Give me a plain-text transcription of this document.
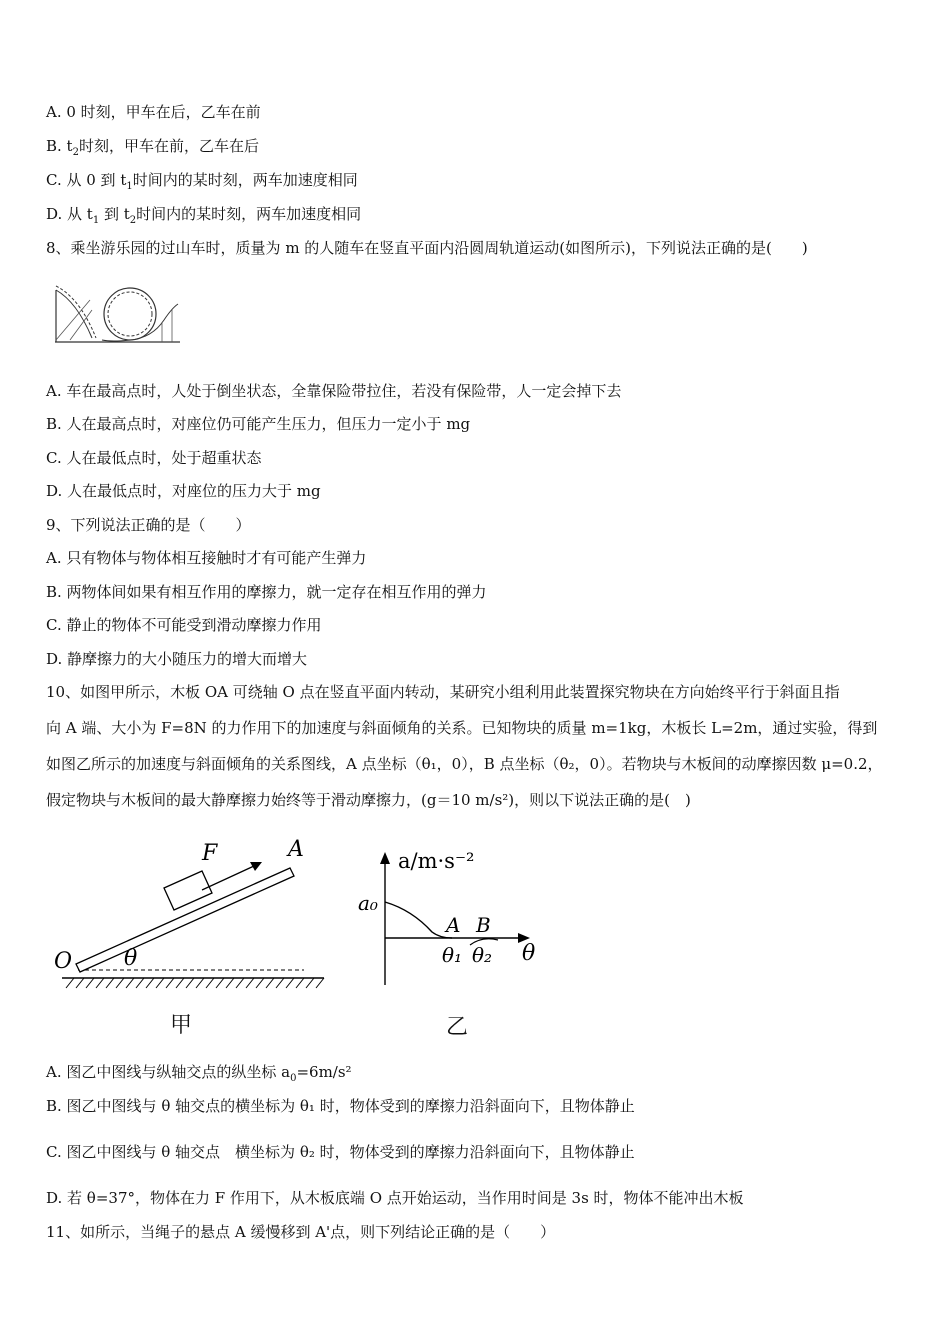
A. 0 时刻，甲车在后，乙车在前
B. $t_2$时刻，甲车在前，乙车在后
C. 从 0 到 $t_1$时间内的某时刻，两车加速度相同
D. 从 $t_1$ 到 $t_2$时间内的某时刻，两车加速度相同
8、乘坐游乐园的过山车时，质量为 m 的人随车在竖直平面内沿圆周轨道运动(如图所示)，下列说法正确的是(　　)
A. 车在最高点时，人处于倒坐状态，全靠保险带拉住，若没有保险带，人一定会掉下去
B. 人在最高点时，对座位仍可能产生压力，但压力一定小于 mg
C. 人在最低点时，处于超重状态
D. 人在最低点时，对座位的压力大于 mg
9、下列说法正确的是（　　）
A. 只有物体与物体相互接触时才有可能产生弹力
B. 两物体间如果有相互作用的摩擦力，就一定存在相互作用的弹力
C. 静止的物体不可能受到滑动摩擦力作用
D. 静摩擦力的大小随压力的增大而增大
10、如图甲所示，木板 OA 可绕轴 O 点在竖直平面内转动，某研究小组利用此装置探究物块在方向始终平行于斜面且指
向 A 端、大小为 F=8N 的力作用下的加速度与斜面倾角的关系。已知物块的质量 m=1kg，木板长 L=2m，通过实验，得到
如图乙所示的加速度与斜面倾角的关系图线，A 点坐标（θ₁，0），B 点坐标（θ₂，0）。若物块与木板间的动摩擦因数 μ=0.2，
假定物块与木板间的最大静摩擦力始终等于滑动摩擦力，(g＝10 m/s²)，则以下说法正确的是(　)
F	A
O θ
甲
a/m·s⁻²
a₀
A B
θ₁ θ₂ θ
乙
A. 图乙中图线与纵轴交点的纵坐标 $a_0=6m/s^2$
B. 图乙中图线与 θ 轴交点的横坐标为 θ₁ 时，物体受到的摩擦力沿斜面向下，且物体静止
C. 图乙中图线与 θ 轴交点　横坐标为 θ₂ 时，物体受到的摩擦力沿斜面向下，且物体静止
D. 若 θ=37°，物体在力 F 作用下，从木板底端 O 点开始运动，当作用时间是 3s 时，物体不能冲出木板
11、如所示，当绳子的悬点 A 缓慢移到 A'点，则下列结论正确的是（　　）
